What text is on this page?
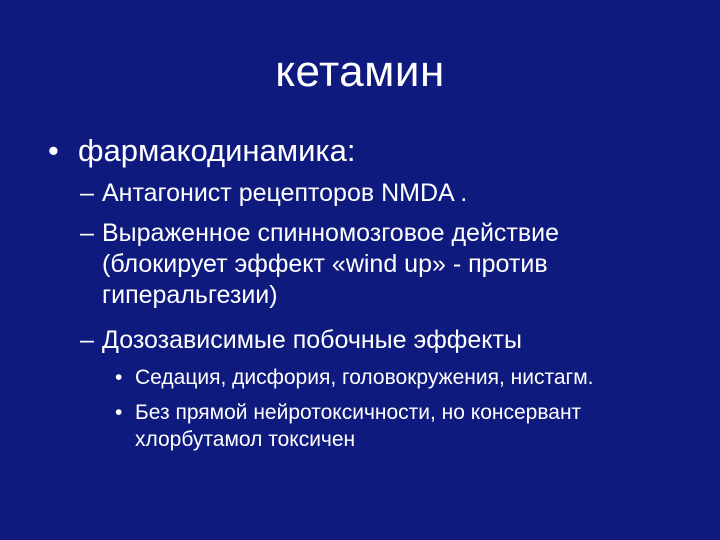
кетамин
• фармакодинамика:
– Антагонист рецепторов NMDA .
– Выраженное спинномозговое действие
(блокирует эффект «wind up» - против
гиперальгезии)
– Дозозависимые побочные эффекты
• Седация, дисфория, головокружения, нистагм.
• Без прямой нейротоксичности, но консервант
хлорбутамол токсичен
